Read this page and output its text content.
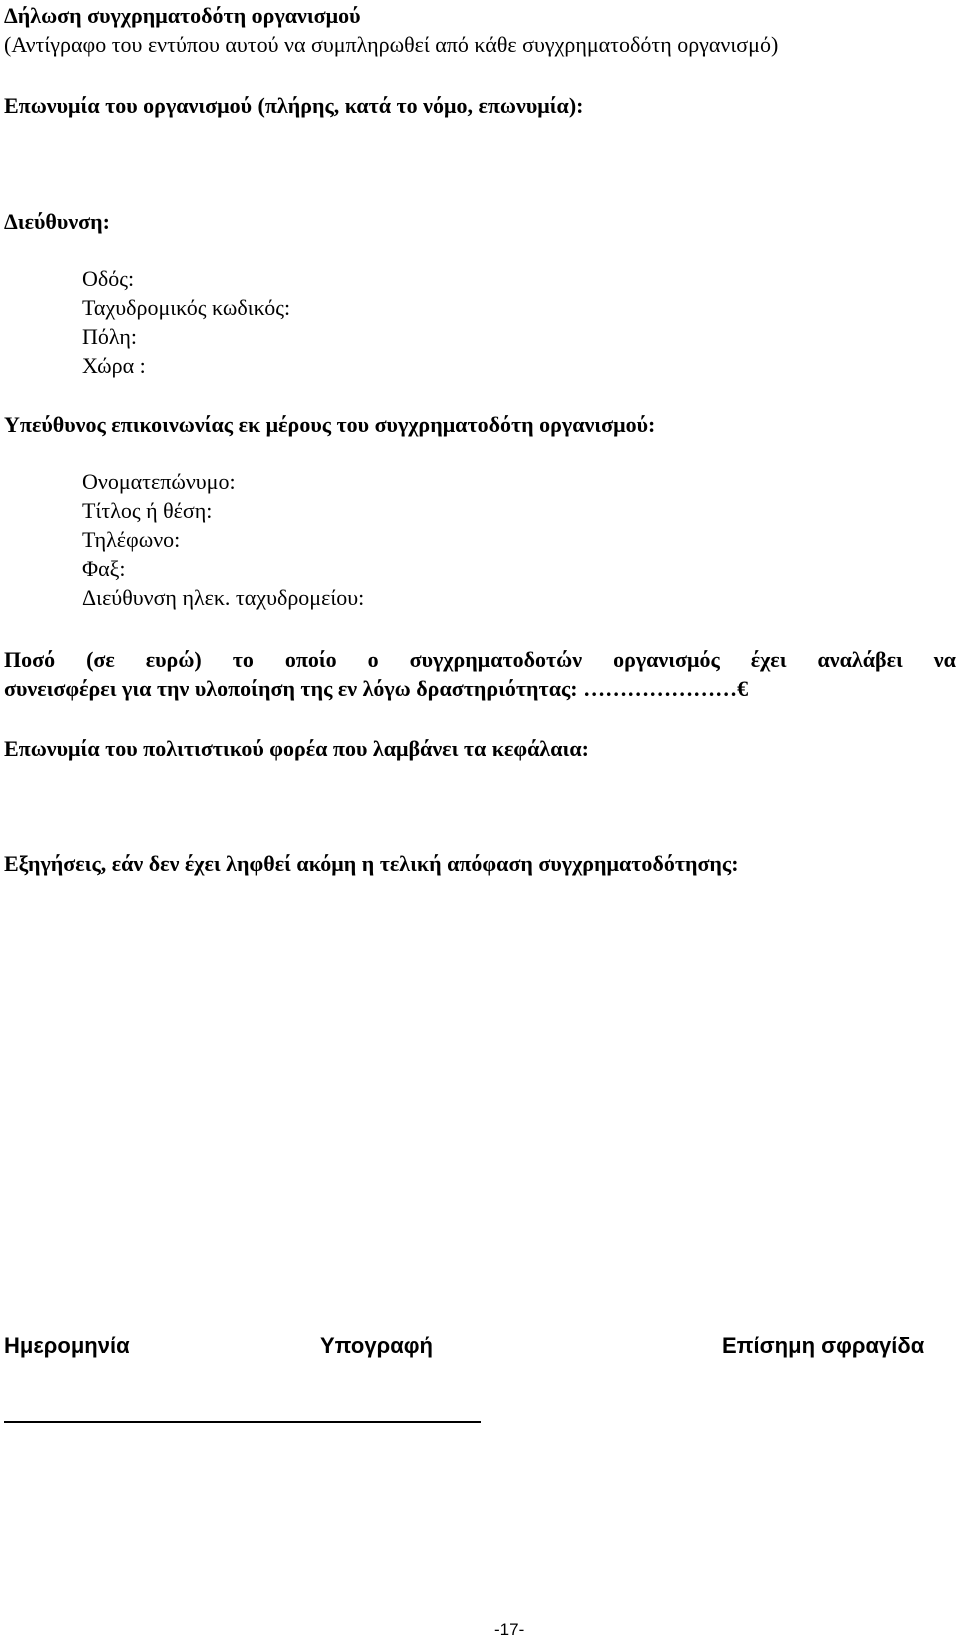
Δήλωση συγχρηματοδότη οργανισμού
(Αντίγραφο του εντύπου αυτού να συμπληρωθεί από κάθε συγχρηματοδότη οργανισμό)
Επωνυμία του οργανισμού (πλήρης, κατά το νόμο, επωνυμία):
Διεύθυνση:
Οδός:
Ταχυδρομικός κωδικός:
Πόλη:
Χώρα :
Υπεύθυνος επικοινωνίας εκ μέρους του συγχρηματοδότη οργανισμού:
Ονοματεπώνυμο:
Τίτλος ή θέση:
Τηλέφωνο:
Φαξ:
Διεύθυνση ηλεκ. ταχυδρομείου:
Ποσό (σε ευρώ) το οποίο ο συγχρηματοδοτών οργανισμός έχει αναλάβει να
συνεισφέρει για την υλοποίηση της εν λόγω δραστηριότητας: …………………€
Επωνυμία του πολιτιστικού φορέα που λαμβάνει τα κεφάλαια:
Εξηγήσεις, εάν δεν έχει ληφθεί ακόμη η τελική απόφαση συγχρηματοδότησης:
Ημερομηνία	Υπογραφή	Επίσημη σφραγίδα
-17-
